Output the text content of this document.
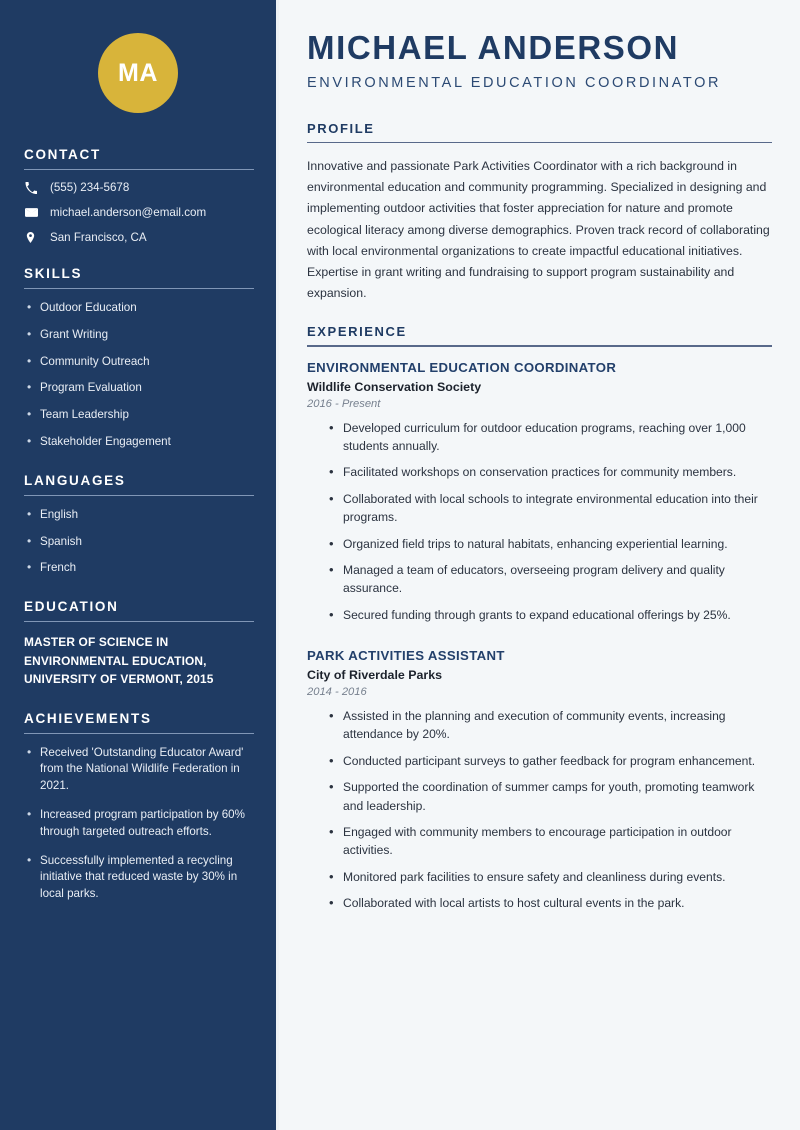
MA
CONTACT
(555) 234-5678
michael.anderson@email.com
San Francisco, CA
SKILLS
• Outdoor Education
• Grant Writing
• Community Outreach
• Program Evaluation
• Team Leadership
• Stakeholder Engagement
LANGUAGES
• English
• Spanish
• French
EDUCATION
MASTER OF SCIENCE IN
ENVIRONMENTAL EDUCATION,
UNIVERSITY OF VERMONT, 2015
ACHIEVEMENTS
• Received 'Outstanding Educator Award' from the National Wildlife Federation in 2021.
• Increased program participation by 60% through targeted outreach efforts.
• Successfully implemented a recycling initiative that reduced waste by 30% in local parks.
MICHAEL ANDERSON
ENVIRONMENTAL EDUCATION COORDINATOR
PROFILE

Innovative and passionate Park Activities Coordinator with a rich background in environmental education and community programming. Specialized in designing and implementing outdoor activities that foster appreciation for nature and promote ecological literacy among diverse demographics. Proven track record of collaborating with local environmental organizations to create impactful educational initiatives. Expertise in grant writing and fundraising to support program sustainability and expansion.

EXPERIENCE
ENVIRONMENTAL EDUCATION COORDINATOR
Wildlife Conservation Society
2016 - Present
• Developed curriculum for outdoor education programs, reaching over 1,000 students annually.
• Facilitated workshops on conservation practices for community members.
• Collaborated with local schools to integrate environmental education into their programs.
• Organized field trips to natural habitats, enhancing experiential learning.
• Managed a team of educators, overseeing program delivery and quality assurance.
• Secured funding through grants to expand educational offerings by 25%.
PARK ACTIVITIES ASSISTANT
City of Riverdale Parks
2014 - 2016
• Assisted in the planning and execution of community events, increasing attendance by 20%.
• Conducted participant surveys to gather feedback for program enhancement.
• Supported the coordination of summer camps for youth, promoting teamwork and leadership.
• Engaged with community members to encourage participation in outdoor activities.
• Monitored park facilities to ensure safety and cleanliness during events.
• Collaborated with local artists to host cultural events in the park.
